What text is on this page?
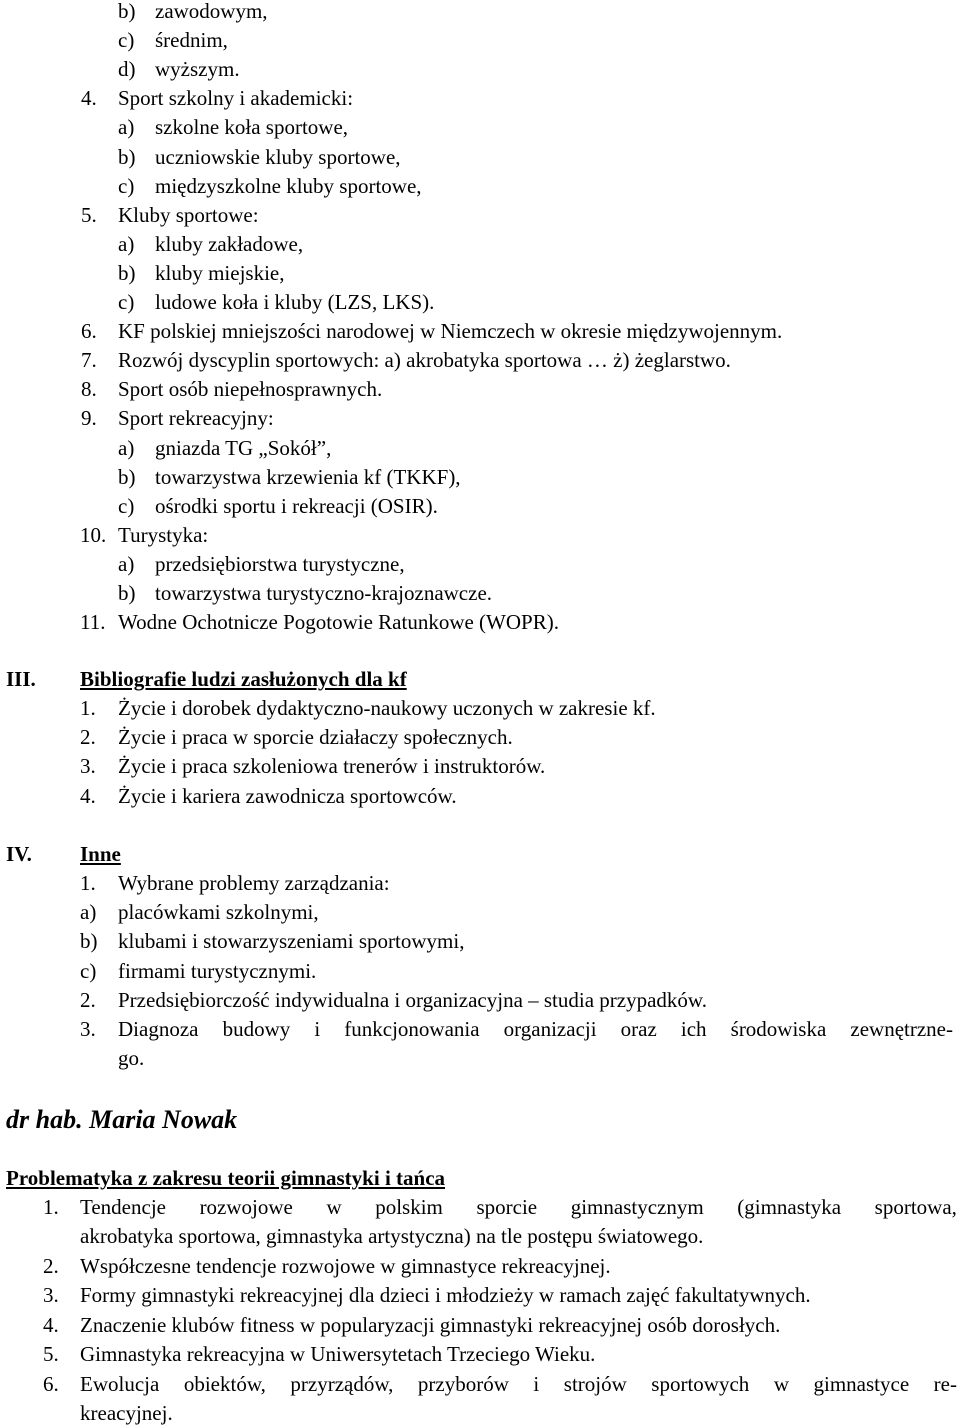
b) zawodowym,
c) średnim,
d) wyższym.
4. Sport szkolny i akademicki:
a) szkolne koła sportowe,
b) uczniowskie kluby sportowe,
c) międzyszkolne kluby sportowe,
5. Kluby sportowe:
a) kluby zakładowe,
b) kluby miejskie,
c) ludowe koła i kluby (LZS, LKS).
6. KF polskiej mniejszości narodowej w Niemczech w okresie międzywojennym.
7. Rozwój dyscyplin sportowych: a) akrobatyka sportowa … ż) żeglarstwo.
8. Sport osób niepełnosprawnych.
9. Sport rekreacyjny:
a) gniazda TG „Sokół”,
b) towarzystwa krzewienia kf (TKKF),
c) ośrodki sportu i rekreacji (OSIR).
10. Turystyka:
a) przedsiębiorstwa turystyczne,
b) towarzystwa turystyczno-krajoznawcze.
11. Wodne Ochotnicze Pogotowie Ratunkowe (WOPR).
III. Bibliografie ludzi zasłużonych dla kf
1. Życie i dorobek dydaktyczno-naukowy uczonych w zakresie kf.
2. Życie i praca w sporcie działaczy społecznych.
3. Życie i praca szkoleniowa trenerów i instruktorów.
4. Życie i kariera zawodnicza sportowców.
IV. Inne
1. Wybrane problemy zarządzania:
a) placówkami szkolnymi,
b) klubami i stowarzyszeniami sportowymi,
c) firmami turystycznymi.
2. Przedsiębiorczość indywidualna i organizacyjna – studia przypadków.
3. Diagnoza budowy i funkcjonowania organizacji oraz ich środowiska zewnętrzne-
go.
dr hab. Maria Nowak
Problematyka z zakresu teorii gimnastyki i tańca
1. Tendencje rozwojowe w polskim sporcie gimnastycznym (gimnastyka sportowa,
akrobatyka sportowa, gimnastyka artystyczna) na tle postępu światowego.
2. Współczesne tendencje rozwojowe w gimnastyce rekreacyjnej.
3. Formy gimnastyki rekreacyjnej dla dzieci i młodzieży w ramach zajęć fakultatywnych.
4. Znaczenie klubów fitness w popularyzacji gimnastyki rekreacyjnej osób dorosłych.
5. Gimnastyka rekreacyjna w Uniwersytetach Trzeciego Wieku.
6. Ewolucja obiektów, przyrządów, przyborów i strojów sportowych w gimnastyce re-
kreacyjnej.
